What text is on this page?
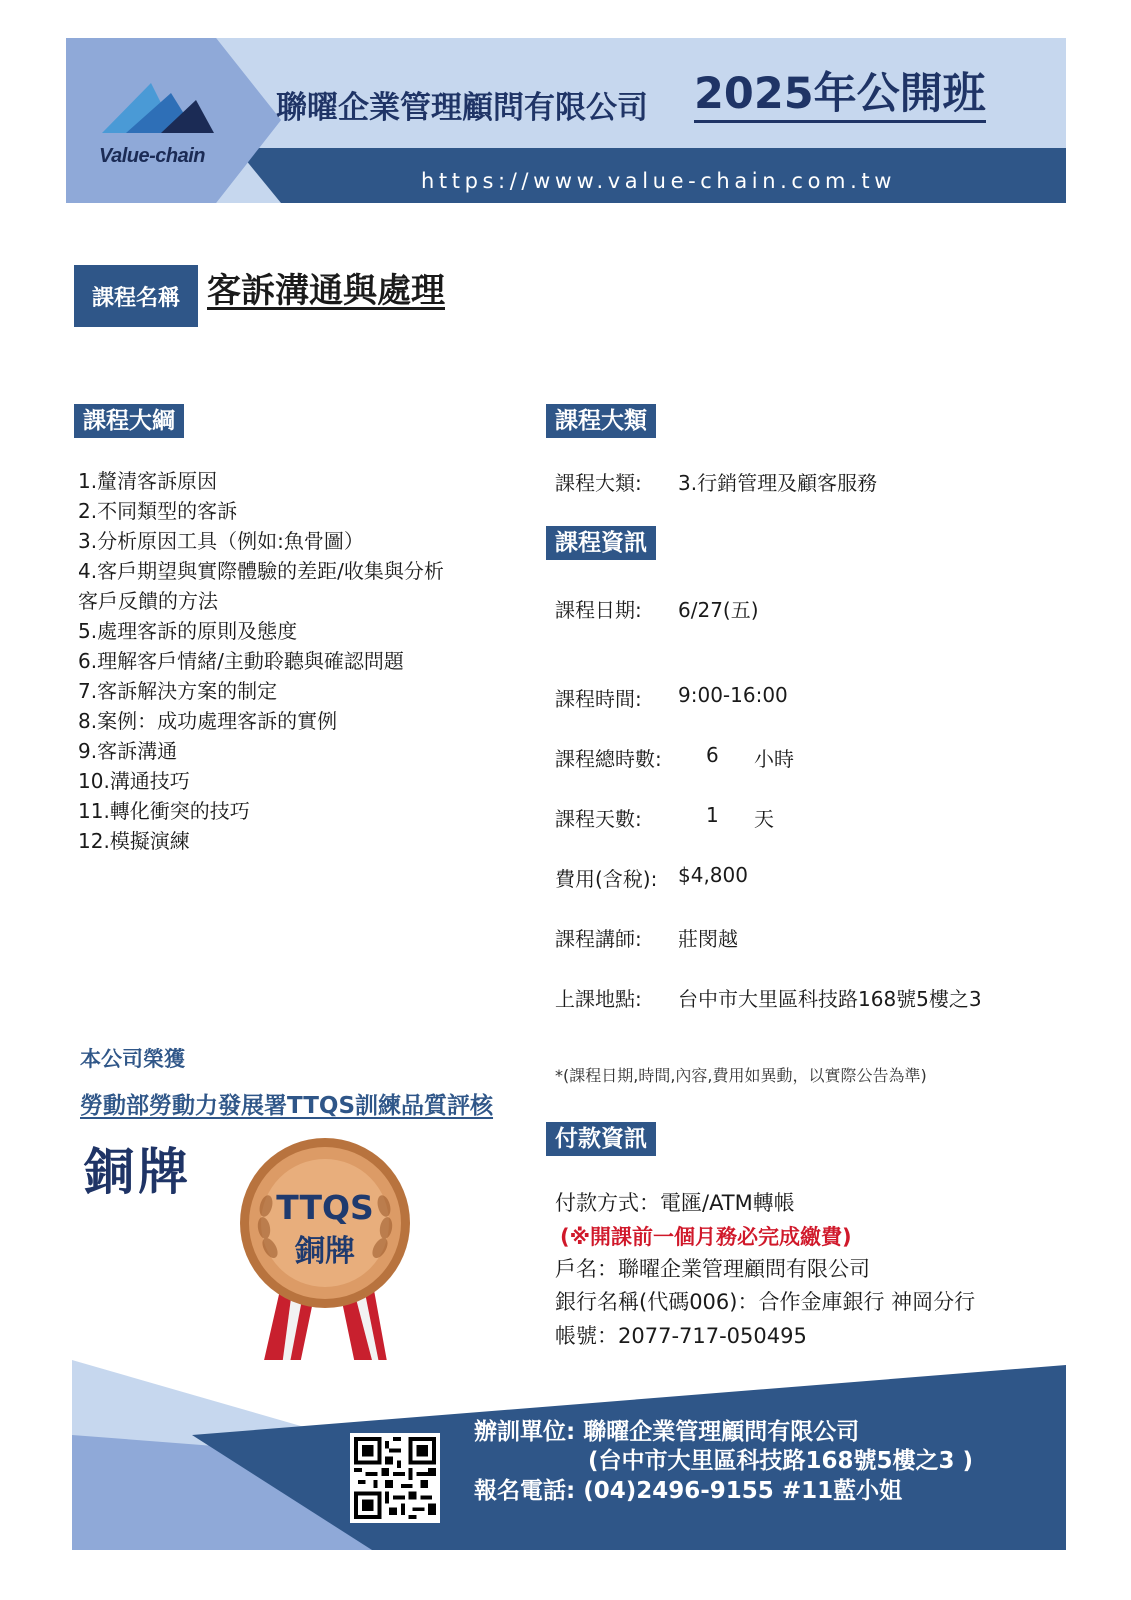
Value-chain
聯曜企業管理顧問有限公司 2025年公開班
https://www.value-chain.com.tw
課程名稱 客訴溝通與處理
課程大綱
1.釐清客訴原因
2.不同類型的客訴
3.分析原因工具（例如:魚骨圖）
4.客戶期望與實際體驗的差距/收集與分析
客戶反饋的方法
5.處理客訴的原則及態度
6.理解客戶情緒/主動聆聽與確認問題
7.客訴解決方案的制定
8.案例：成功處理客訴的實例
9.客訴溝通
10.溝通技巧
11.轉化衝突的技巧
12.模擬演練
課程大類
課程大類: 3.行銷管理及顧客服務
課程資訊
課程日期: 6/27(五)
課程時間: 9:00-16:00
課程總時數: 6 小時
課程天數:	1 天
費用(含稅): $4,800
課程講師: 莊閔越
上課地點: 台中市大里區科技路168號5樓之3
*(課程日期,時間,內容,費用如異動，以實際公告為準)
付款資訊
付款方式：電匯/ATM轉帳
(※開課前一個月務必完成繳費)
戶名：聯曜企業管理顧問有限公司
銀行名稱(代碼006)：合作金庫銀行 神岡分行
帳號：2077-717-050495
本公司榮獲
勞動部勞動力發展署TTQS訓練品質評核
銅牌
TTQS
銅牌
辦訓單位: 聯曜企業管理顧問有限公司
(台中市大里區科技路168號5樓之3 )
報名電話: (04)2496-9155 #11藍小姐
